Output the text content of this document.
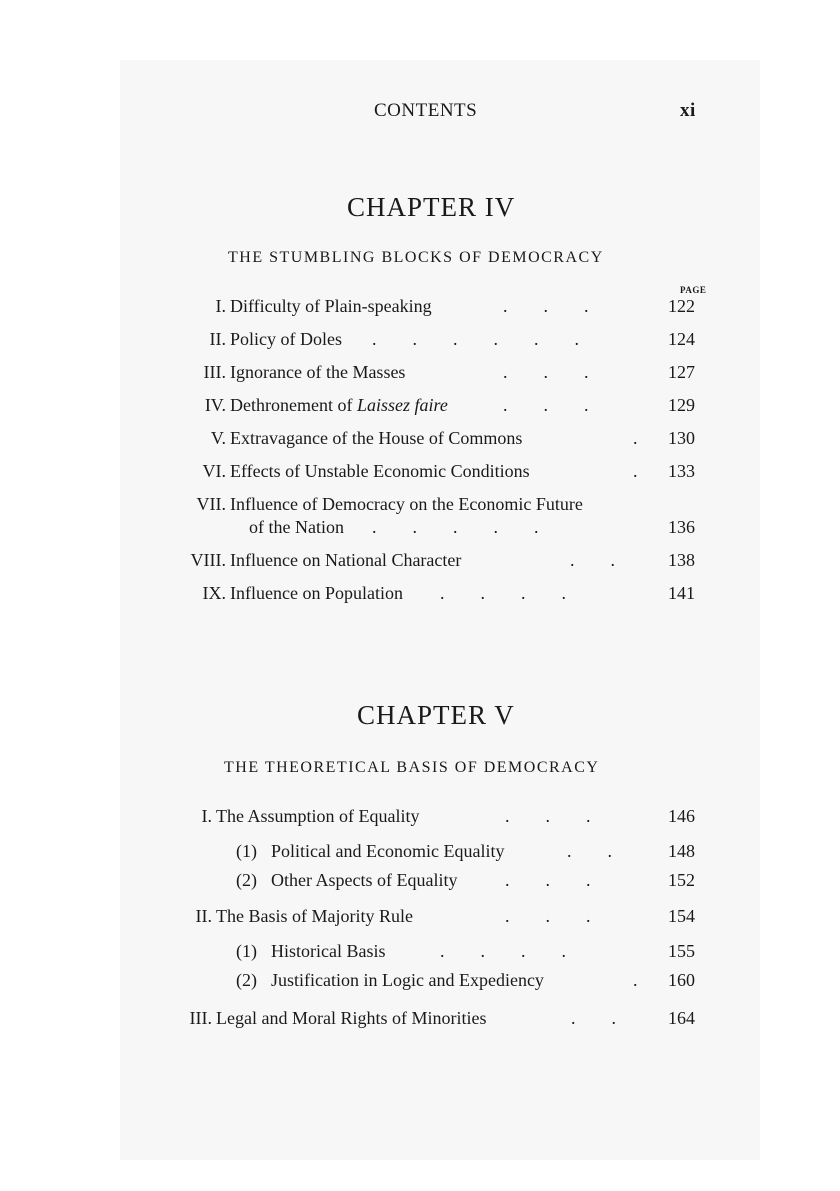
CONTENTS	xi
CHAPTER IV
THE STUMBLING BLOCKS OF DEMOCRACY
PAGE
I. Difficulty of Plain-speaking	.        .        .	122
II. Policy of Doles .        .        .        .        .        .	124
III. Ignorance of the Masses	.        .        .	127
IV. Dethronement of Laissez faire	.        .        .	129
V. Extravagance of the House of Commons	. 130
VI. Effects of Unstable Economic Conditions	. 133
VII. Influence of Democracy on the Economic Future
of the Nation .        .        .        .        .	136
VIII. Influence on National Character	.        .	138
IX. Influence on Population .        .        .        .	141
CHAPTER V
THE THEORETICAL BASIS OF DEMOCRACY
I. The Assumption of Equality	.        .        .	146
(1) Political and Economic Equality	.        .	148
(2) Other Aspects of Equality	.        .        .	152
II. The Basis of Majority Rule	.        .        .	154
(1) Historical Basis	.        .        .        .	155
(2) Justification in Logic and Expediency	. 160
III. Legal and Moral Rights of Minorities	.        .	164
